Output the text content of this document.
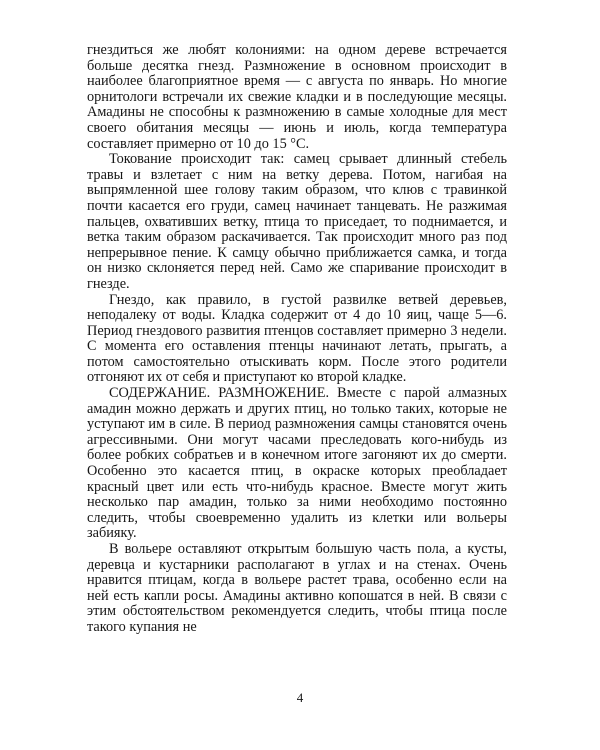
гнездиться же любят колониями: на одном дереве встречается больше десятка гнезд. Размножение в основном происходит в наиболее благоприятное время — с августа по январь. Но многие орнитологи встречали их свежие кладки и в последующие месяцы. Амадины не способны к размножению в самые холодные для мест своего обитания месяцы — июнь и июль, когда температура составляет примерно от 10 до 15 °С.

Токование происходит так: самец срывает длинный стебель травы и взлетает с ним на ветку дерева. Потом, нагибая на выпрямленной шее голову таким образом, что клюв с травинкой почти касается его груди, самец начинает танцевать. Не разжимая пальцев, охвативших ветку, птица то приседает, то поднимается, и ветка таким образом раскачивается. Так происходит много раз под непрерывное пение. К самцу обычно приближается самка, и тогда он низко склоняется перед ней. Само же спаривание происходит в гнезде.

Гнездо, как правило, в густой развилке ветвей деревьев, неподалеку от воды. Кладка содержит от 4 до 10 яиц, чаще 5—6. Период гнездового развития птенцов составляет примерно 3 недели. С момента его оставления птенцы начинают летать, прыгать, а потом самостоятельно отыскивать корм. После этого родители отгоняют их от себя и приступают ко второй кладке.

СОДЕРЖАНИЕ. РАЗМНОЖЕНИЕ. Вместе с парой алмазных амадин можно держать и других птиц, но только таких, которые не уступают им в силе. В период размножения самцы становятся очень агрессивными. Они могут часами преследовать кого-нибудь из более робких собратьев и в конечном итоге загоняют их до смерти. Особенно это касается птиц, в окраске которых преобладает красный цвет или есть что-нибудь красное. Вместе могут жить несколько пар амадин, только за ними необходимо постоянно следить, чтобы своевременно удалить из клетки или вольеры забияку.

В вольере оставляют открытым большую часть пола, а кусты, деревца и кустарники располагают в углах и на стенах. Очень нравится птицам, когда в вольере растет трава, особенно если на ней есть капли росы. Амадины активно копошатся в ней. В связи с этим обстоятельством рекомендуется следить, чтобы птица после такого купания не

4
